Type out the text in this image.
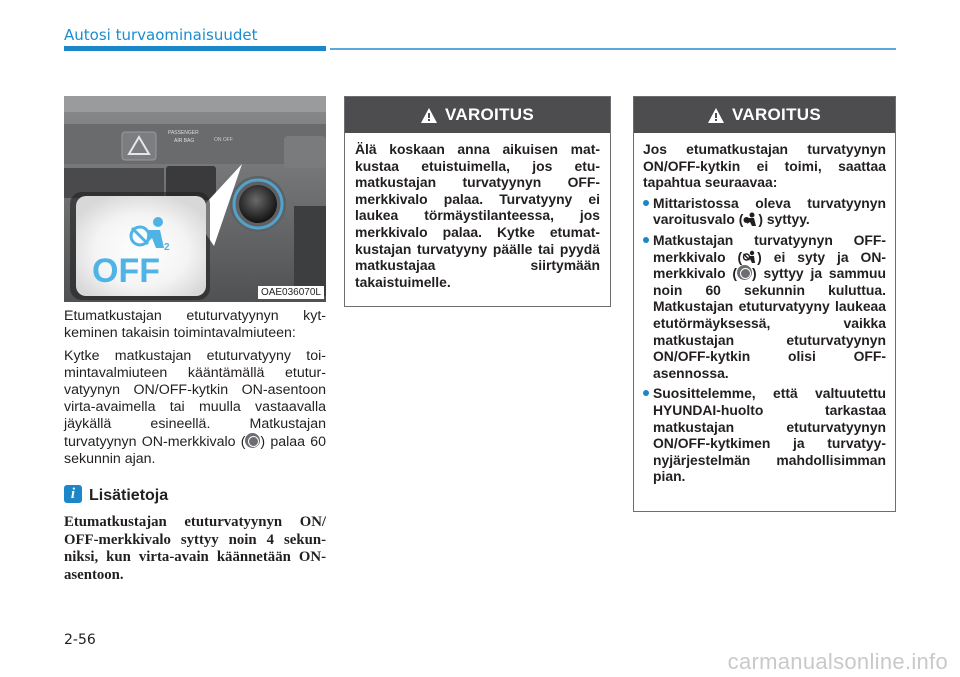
Autosi turvaominaisuudet
PASSENGER
AIR BAG	ON OFF
2
OFF
OAE036070L
Etumatkustajan etuturvatyynyn kytkeminen takaisin toimintavalmiuteen:
Kytke matkustajan etuturvatyyny toimintavalmiuteen kääntämällä etuturvatyynyn ON/OFF-kytkin ON-asentoon virta-avaimella tai muulla vastaavalla jäykällä esineellä. Matkustajan turvatyynyn ON-merkkivalo ( ) palaa 60 sekunnin ajan.
i Lisätietoja
Etumatkustajan etuturvatyynyn ON/ OFF-merkkivalo syttyy noin 4 sekunniksi, kun virta-avain käännetään ON-asentoon.
VAROITUS
Älä koskaan anna aikuisen matkustaa etuistuimella, jos etumatkustajan turvatyynyn OFF-merkkivalo palaa. Turvatyyny ei laukea törmäystilanteessa, jos merkkivalo palaa. Kytke etumatkustajan turvatyyny päälle tai pyydä matkustajaa siirtymään takaistuimelle.
VAROITUS
Jos etumatkustajan turvatyynyn ON/OFF-kytkin ei toimi, saattaa tapahtua seuraavaa:
Mittaristossa oleva turvatyynyn varoitusvalo ( ) syttyy.
Matkustajan turvatyynyn OFF-merkkivalo ( ) ei syty ja ON-merkkivalo ( ) syttyy ja sammuu noin 60 sekunnin kuluttua. Matkustajan etuturvatyyny laukeaa etutörmäyksessä, vaikka matkustajan etuturvatyynyn ON/OFF-kytkin olisi OFF-asennossa.
Suosittelemme, että valtuutettu HYUNDAI-huolto tarkastaa matkustajan etuturvatyynyn ON/OFF-kytkimen ja turvatyynyjärjestelmän mahdollisimman pian.
2-56
carmanualsonline.info
